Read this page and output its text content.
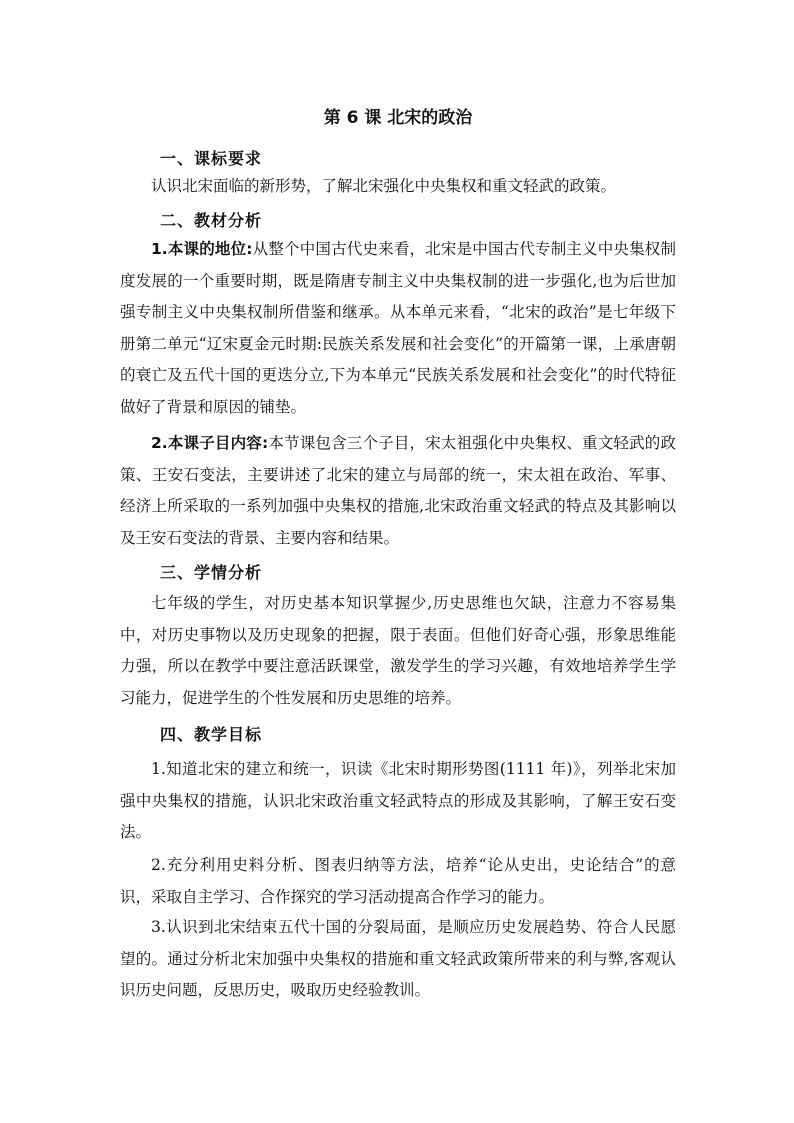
第 6 课 北宋的政治
一、课标要求

认识北宋面临的新形势，了解北宋强化中央集权和重文轻武的政策。

二、教材分析

1.本课的地位:从整个中国古代史来看，北宋是中国古代专制主义中央集权制度发展的一个重要时期，既是隋唐专制主义中央集权制的进一步强化,也为后世加强专制主义中央集权制所借鉴和继承。从本单元来看，“北宋的政治”是七年级下册第二单元“辽宋夏金元时期:民族关系发展和社会变化”的开篇第一课，上承唐朝的衰亡及五代十国的更迭分立,下为本单元“民族关系发展和社会变化”的时代特征做好了背景和原因的铺垫。

2.本课子目内容:本节课包含三个子目，宋太祖强化中央集权、重文轻武的政策、王安石变法，主要讲述了北宋的建立与局部的统一，宋太祖在政治、军事、经济上所采取的一系列加强中央集权的措施,北宋政治重文轻武的特点及其影响以及王安石变法的背景、主要内容和结果。

三、学情分析

七年级的学生，对历史基本知识掌握少,历史思维也欠缺，注意力不容易集中，对历史事物以及历史现象的把握，限于表面。但他们好奇心强，形象思维能力强，所以在教学中要注意活跃课堂，激发学生的学习兴趣，有效地培养学生学习能力，促进学生的个性发展和历史思维的培养。

四、教学目标

1.知道北宋的建立和统一，识读《北宋时期形势图(1111 年)》，列举北宋加强中央集权的措施，认识北宋政治重文轻武特点的形成及其影响，了解王安石变法。

2.充分利用史料分析、图表归纳等方法，培养“论从史出，史论结合”的意识，采取自主学习、合作探究的学习活动提高合作学习的能力。

3.认识到北宋结束五代十国的分裂局面，是顺应历史发展趋势、符合人民愿望的。通过分析北宋加强中央集权的措施和重文轻武政策所带来的利与弊,客观认识历史问题，反思历史，吸取历史经验教训。
